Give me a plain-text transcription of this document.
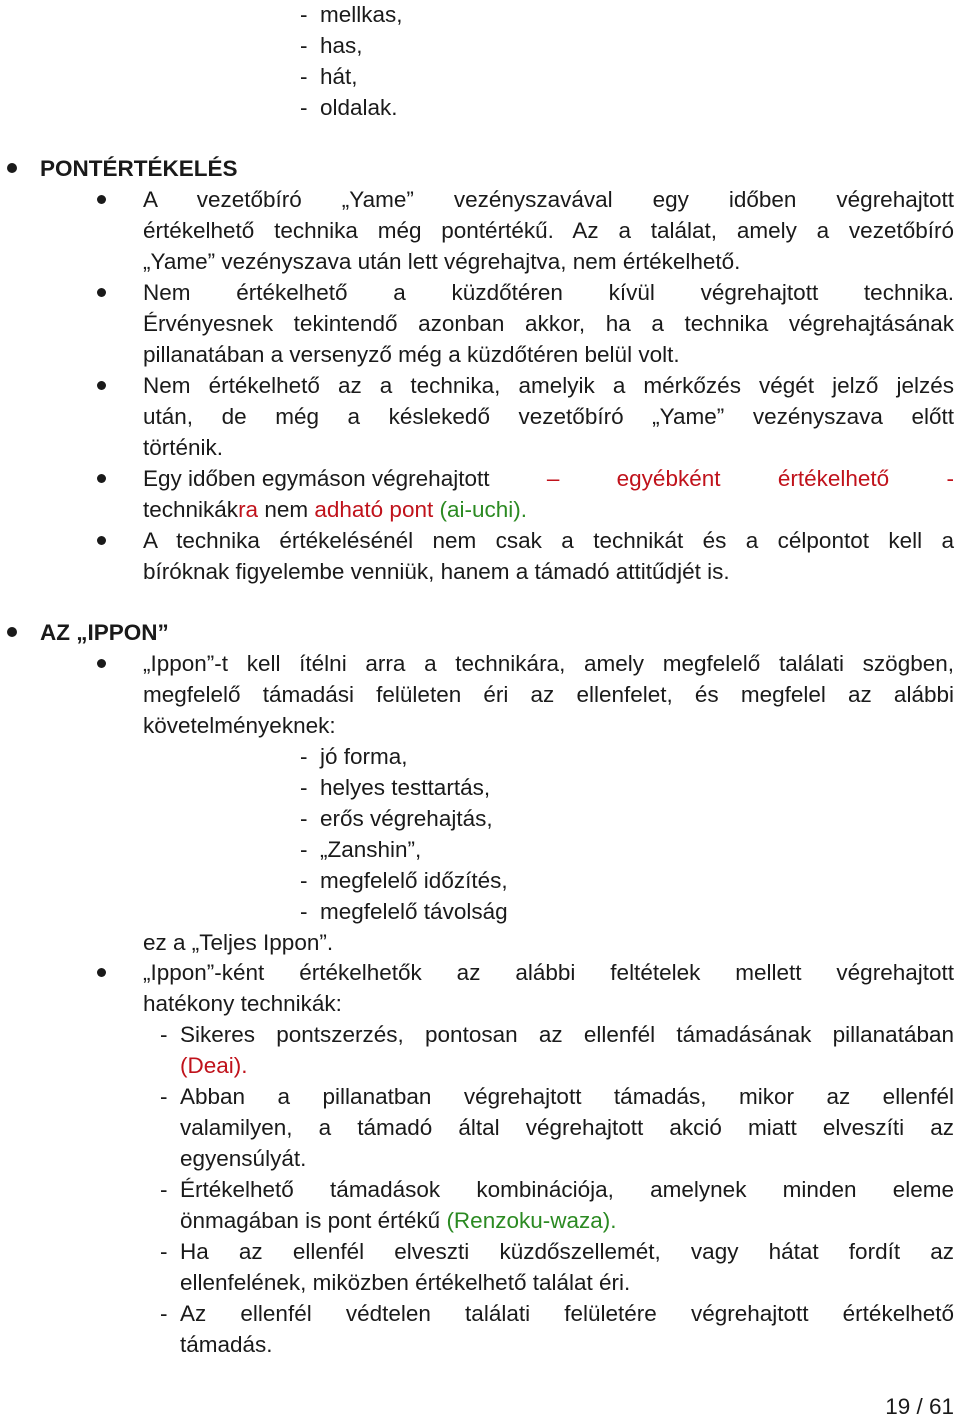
- mellkas,
- has,
- hát,
- oldalak.
PONTÉRTÉKELÉS
A vezetőbíró „Yame” vezényszavával egy időben végrehajtott
értékelhető technika még pontértékű. Az a találat, amely a vezetőbíró
„Yame” vezényszava után lett végrehajtva, nem értékelhető.
Nem értékelhető a küzdőtéren kívül végrehajtott technika.
Érvényesnek tekintendő azonban akkor, ha a technika végrehajtásának
pillanatában a versenyző még a küzdőtéren belül volt.
Nem értékelhető az a technika, amelyik a mérkőzés végét jelző jelzés
után, de még a késlekedő vezetőbíró „Yame” vezényszava előtt
történik.
Egy időben egymáson végrehajtott	–	egyébként	értékelhető	-
technikákra nem adható pont (ai-uchi).
A technika értékelésénél nem csak a technikát és a célpontot kell a
bíróknak figyelembe venniük, hanem a támadó attitűdjét is.
AZ „IPPON”
„Ippon”-t kell ítélni arra a technikára, amely megfelelő találati szögben,
megfelelő támadási felületen éri az ellenfelet, és megfelel az alábbi
követelményeknek:
- jó forma,
- helyes testtartás,
- erős végrehajtás,
- „Zanshin”,
- megfelelő időzítés,
- megfelelő távolság
ez a „Teljes Ippon”.
„Ippon”-ként értékelhetők az alábbi feltételek mellett végrehajtott
hatékony technikák:
- Sikeres pontszerzés, pontosan az ellenfél támadásának pillanatában
(Deai).
- Abban a pillanatban végrehajtott támadás, mikor az ellenfél
valamilyen, a támadó által végrehajtott akció miatt elveszíti az
egyensúlyát.
- Értékelhető támadások kombinációja, amelynek minden eleme
önmagában is pont értékű (Renzoku-waza).
- Ha az ellenfél elveszti küzdőszellemét, vagy hátat fordít az
ellenfelének, miközben értékelhető találat éri.
- Az ellenfél védtelen találati felületére végrehajtott értékelhető
támadás.
19 / 61
